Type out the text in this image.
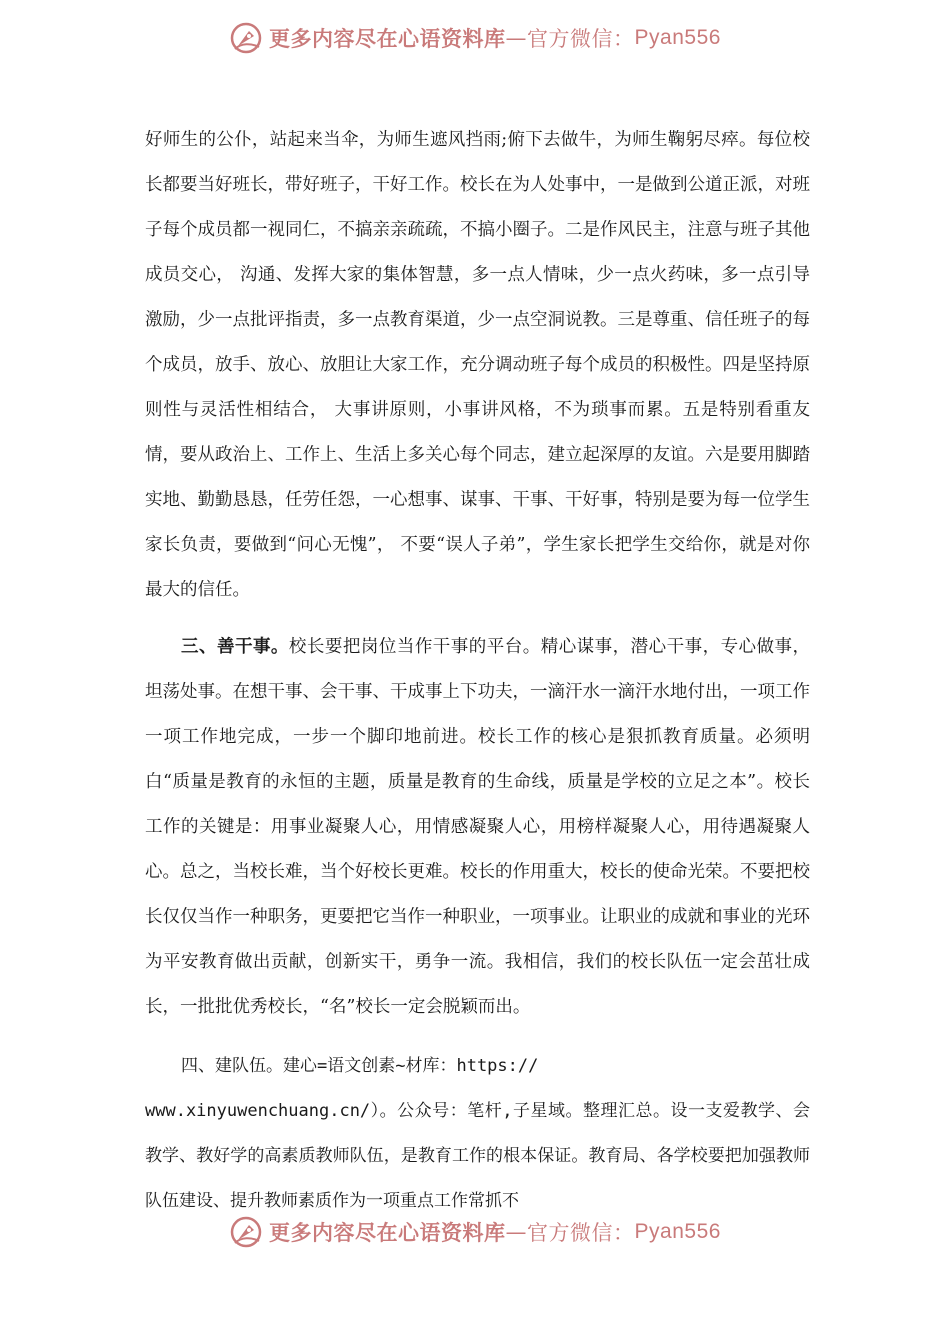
更多内容尽在心语资料库 — 官方微信： Pyan556

好师生的公仆，站起来当伞，为师生遮风挡雨;俯下去做牛，为师生鞠躬尽瘁。每位校长都要当好班长，带好班子，干好工作。校长在为人处事中，一是做到公道正派，对班子每个成员都一视同仁，不搞亲亲疏疏，不搞小圈子。二是作风民主，注意与班子其他成员交心， 沟通、发挥大家的集体智慧，多一点人情味，少一点火药味，多一点引导激励，少一点批评指责，多一点教育渠道，少一点空洞说教。三是尊重、信任班子的每个成员，放手、放心、放胆让大家工作，充分调动班子每个成员的积极性。四是坚持原则性与灵活性相结合， 大事讲原则，小事讲风格，不为琐事而累。五是特别看重友情，要从政治上、工作上、生活上多关心每个同志，建立起深厚的友谊。六是要用脚踏实地、勤勤恳恳，任劳任怨，一心想事、谋事、干事、干好事，特别是要为每一位学生家长负责，要做到“问心无愧”， 不要“误人子弟”，学生家长把学生交给你，就是对你最大的信任。

三、善干事。校长要把岗位当作干事的平台。精心谋事，潜心干事，专心做事，坦荡处事。在想干事、会干事、干成事上下功夫，一滴汗水一滴汗水地付出，一项工作一项工作地完成，一步一个脚印地前进。校长工作的核心是狠抓教育质量。必须明白“质量是教育的永恒的主题，质量是教育的生命线，质量是学校的立足之本”。校长工作的关键是：用事业凝聚人心，用情感凝聚人心，用榜样凝聚人心，用待遇凝聚人心。总之，当校长难，当个好校长更难。校长的作用重大，校长的使命光荣。不要把校长仅仅当作一种职务，更要把它当作一种职业，一项事业。让职业的成就和事业的光环为平安教育做出贡献，创新实干，勇争一流。我相信，我们的校长队伍一定会茁壮成长，一批批优秀校长，“名”校长一定会脱颖而出。

四、建队伍。建心=语文创素~材库：https://

www.xinyuwenchuang.cn/）。公众号：笔杆,子星域。整理汇总。设一支爱教学、会教学、教好学的高素质教师队伍，是教育工作的根本保证。教育局、各学校要把加强教师队伍建设、提升教师素质作为一项重点工作常抓不

更多内容尽在心语资料库 — 官方微信： Pyan556
